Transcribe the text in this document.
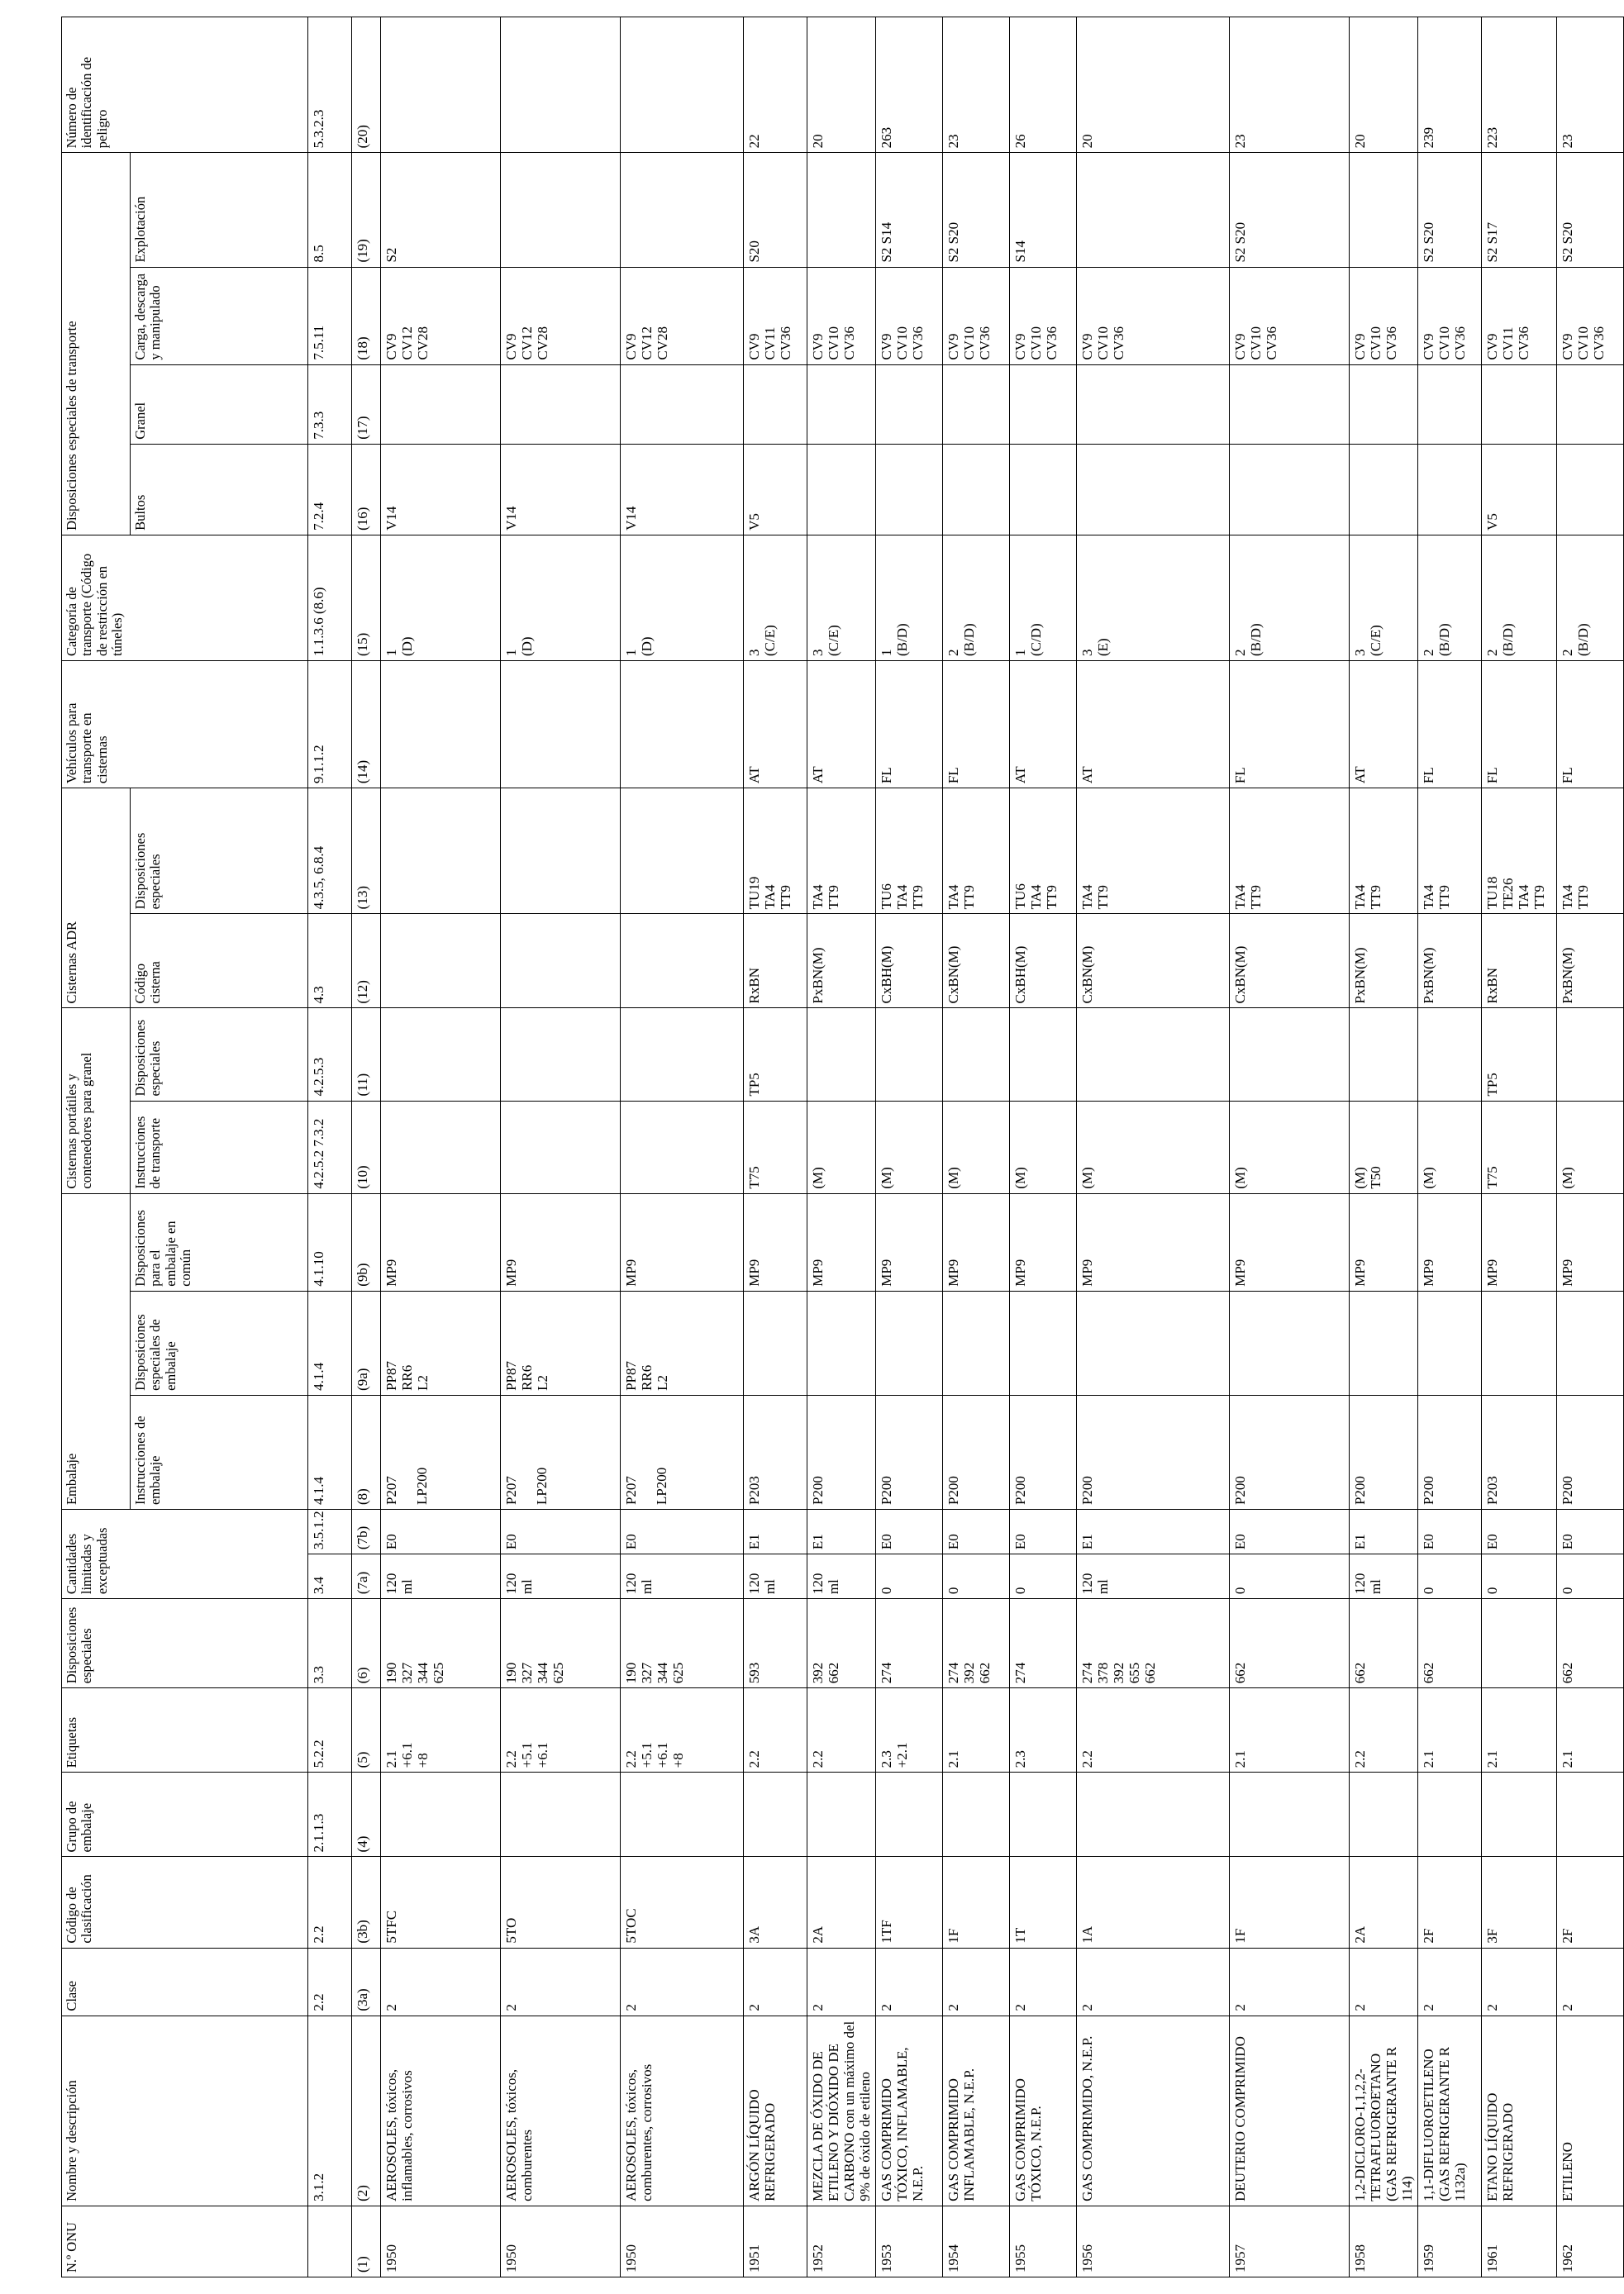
N.º ONU	Nombre y descripción	Clase	Código de clasificación	Grupo de embalaje	Etiquetas	Disposiciones especiales	Cantidades limitadas y exceptuadas		Embalaje			Cisternas portátiles y contenedores para granel		Cisternas ADR		Vehículos para transporte en cisternas	Categoría de transporte (Código de restricción en túneles)	Disposiciones especiales de transporte				Número de identificación de peligro
									Instrucciones de embalaje	Disposiciones especiales de embalaje	Disposiciones para el embalaje en común	Instrucciones de transporte	Disposiciones especiales	Código cisterna	Disposiciones especiales			Bultos	Granel	Carga, descarga y manipulado	Explotación	
	3.1.2	2.2	2.2	2.1.1.3	5.2.2	3.3	3.4	3.5.1.2	4.1.4	4.1.4	4.1.10	4.2.5.2 7.3.2	4.2.5.3	4.3	4.3.5, 6.8.4	9.1.1.2	1.1.3.6 (8.6)	7.2.4	7.3.3	7.5.11	8.5	5.3.2.3
(1)	(2)	(3a)	(3b)	(4)	(5)	(6)	(7a)	(7b)	(8)	(9a)	(9b)	(10)	(11)	(12)	(13)	(14)	(15)	(16)	(17)	(18)	(19)	(20)

1950	AEROSOLES, tóxicos, inflamables, corrosivos	2	5TFC		2.1 +6.1 +8	190 327 344 625	120 ml	E0	P207 LP200	PP87 RR6 L2	MP9						1 (D)	V14		CV9 CV12 CV28	S2	

1950	AEROSOLES, tóxicos, comburentes	2	5TO		2.2 +5.1 +6.1	190 327 344 625	120 ml	E0	P207 LP200	PP87 RR6 L2	MP9						1 (D)	V14		CV9 CV12 CV28		

1950	AEROSOLES, tóxicos, comburentes, corrosivos	2	5TOC		2.2 +5.1 +6.1 +8	190 327 344 625	120 ml	E0	P207 LP200	PP87 RR6 L2	MP9						1 (D)	V14		CV9 CV12 CV28		

1951	ARGÓN LÍQUIDO REFRIGERADO	2	3A		2.2	593	120 ml	E1	P203		MP9	T75	TP5	RxBN	TU19 TA4 TT9	AT	3 (C/E)	V5		CV9 CV11 CV36	S20	22

1952	MEZCLA DE ÓXIDO DE ETILENO Y DIÓXIDO DE CARBONO con un máximo del 9% de óxido de etileno	2	2A		2.2	392 662	120 ml	E1	P200		MP9	(M)		PxBN(M)	TA4 TT9	AT	3 (C/E)			CV9 CV10 CV36		20

1953	GAS COMPRIMIDO TÓXICO, INFLAMABLE, N.E.P.	2	1TF		2.3 +2.1	274	0	E0	P200		MP9	(M)		CxBH(M)	TU6 TA4 TT9	FL	1 (B/D)			CV9 CV10 CV36	S2 S14	263

1954	GAS COMPRIMIDO INFLAMABLE, N.E.P.	2	1F		2.1	274 392 662	0	E0	P200		MP9	(M)		CxBN(M)	TA4 TT9	FL	2 (B/D)			CV9 CV10 CV36	S2 S20	23

1955	GAS COMPRIMIDO TÓXICO, N.E.P.	2	1T		2.3	274	0	E0	P200		MP9	(M)		CxBH(M)	TU6 TA4 TT9	AT	1 (C/D)			CV9 CV10 CV36	S14	26

1956	GAS COMPRIMIDO, N.E.P.	2	1A		2.2	274 378 392 655 662	120 ml	E1	P200		MP9	(M)		CxBN(M)	TA4 TT9	AT	3 (E)			CV9 CV10 CV36		20

1957	DEUTERIO COMPRIMIDO	2	1F		2.1	662	0	E0	P200		MP9	(M)		CxBN(M)	TA4 TT9	FL	2 (B/D)			CV9 CV10 CV36	S2 S20	23

1958	1,2-DICLORO-1,1,2,2-TETRAFLUOROETANO (GAS REFRIGERANTE R 114)	2	2A		2.2	662	120 ml	E1	P200		MP9	(M) T50		PxBN(M)	TA4 TT9	AT	3 (C/E)			CV9 CV10 CV36		20

1959	1,1-DIFLUOROETILENO (GAS REFRIGERANTE R 1132a)	2	2F		2.1	662	0	E0	P200		MP9	(M)		PxBN(M)	TA4 TT9	FL	2 (B/D)			CV9 CV10 CV36	S2 S20	239

1961	ETANO LÍQUIDO REFRIGERADO	2	3F		2.1		0	E0	P203		MP9	T75	TP5	RxBN	TU18 TE26 TA4 TT9	FL	2 (B/D)	V5		CV9 CV11 CV36	S2 S17	223

1962	ETILENO	2	2F		2.1	662	0	E0	P200		MP9	(M)		PxBN(M)	TA4 TT9	FL	2 (B/D)			CV9 CV10 CV36	S2 S20	23
